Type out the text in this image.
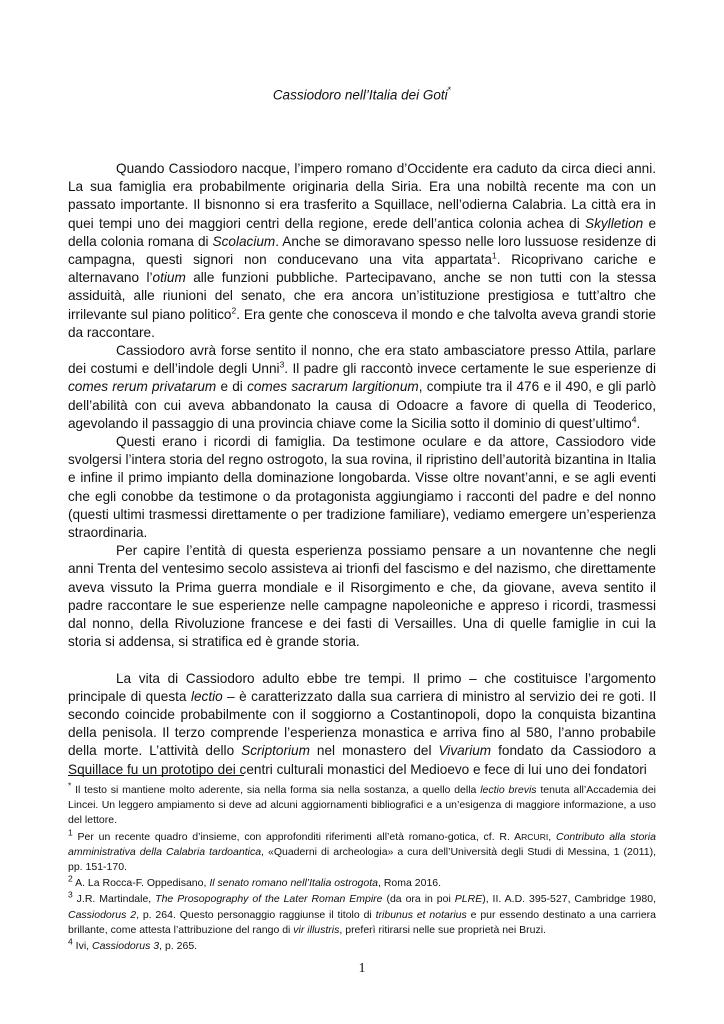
Cassiodoro nell’Italia dei Goti*

Quando Cassiodoro nacque, l’impero romano d’Occidente era caduto da circa dieci anni. La sua famiglia era probabilmente originaria della Siria. Era una nobiltà recente ma con un passato importante. Il bisnonno si era trasferito a Squillace, nell’odierna Calabria. La città era in quei tempi uno dei maggiori centri della regione, erede dell’antica colonia achea di Skylletion e della colonia romana di Scolacium. Anche se dimoravano spesso nelle loro lussuose residenze di campagna, questi signori non conducevano una vita appartata$^1$. Ricoprivano cariche e alternavano l’otium alle funzioni pubbliche. Partecipavano, anche se non tutti con la stessa assiduità, alle riunioni del senato, che era ancora un’istituzione prestigiosa e tutt’altro che irrilevante sul piano politico$^2$. Era gente che conosceva il mondo e che talvolta aveva grandi storie da raccontare.

Cassiodoro avrà forse sentito il nonno, che era stato ambasciatore presso Attila, parlare dei costumi e dell’indole degli Unni$^3$. Il padre gli raccontò invece certamente le sue esperienze di comes rerum privatarum e di comes sacrarum largitionum, compiute tra il 476 e il 490, e gli parlò dell’abilità con cui aveva abbandonato la causa di Odoacre a favore di quella di Teoderico, agevolando il passaggio di una provincia chiave come la Sicilia sotto il dominio di quest’ultimo$^4$.

Questi erano i ricordi di famiglia. Da testimone oculare e da attore, Cassiodoro vide svolgersi l’intera storia del regno ostrogoto, la sua rovina, il ripristino dell’autorità bizantina in Italia e infine il primo impianto della dominazione longobarda. Visse oltre novant’anni, e se agli eventi che egli conobbe da testimone o da protagonista aggiungiamo i racconti del padre e del nonno (questi ultimi trasmessi direttamente o per tradizione familiare), vediamo emergere un’esperienza straordinaria.

Per capire l’entità di questa esperienza possiamo pensare a un novantenne che negli anni Trenta del ventesimo secolo assisteva ai trionfi del fascismo e del nazismo, che direttamente aveva vissuto la Prima guerra mondiale e il Risorgimento e che, da giovane, aveva sentito il padre raccontare le sue esperienze nelle campagne napoleoniche e appreso i ricordi, trasmessi dal nonno, della Rivoluzione francese e dei fasti di Versailles. Una di quelle famiglie in cui la storia si addensa, si stratifica ed è grande storia.

La vita di Cassiodoro adulto ebbe tre tempi. Il primo – che costituisce l’argomento principale di questa lectio – è caratterizzato dalla sua carriera di ministro al servizio dei re goti. Il secondo coincide probabilmente con il soggiorno a Costantinopoli, dopo la conquista bizantina della penisola. Il terzo comprende l’esperienza monastica e arriva fino al 580, l’anno probabile della morte. L’attività dello Scriptorium nel monastero del Vivarium fondato da Cassiodoro a Squillace fu un prototipo dei centri culturali monastici del Medioevo e fece di lui uno dei fondatori

* Il testo si mantiene molto aderente, sia nella forma sia nella sostanza, a quello della lectio brevis tenuta all’Accademia dei Lincei. Un leggero ampiamento si deve ad alcuni aggiornamenti bibliografici e a un’esigenza di maggiore informazione, a uso del lettore.

$^1$ Per un recente quadro d’insieme, con approfonditi riferimenti all’età romano-gotica, cf. R. ARCURI, Contributo alla storia amministrativa della Calabria tardoantica, «Quaderni di archeologia» a cura dell’Università degli Studi di Messina, 1 (2011), pp. 151-170.

$^2$ A. La Rocca-F. Oppedisano, Il senato romano nell’Italia ostrogota, Roma 2016.

$^3$ J.R. Martindale, The Prosopography of the Later Roman Empire (da ora in poi PLRE), II. A.D. 395-527, Cambridge 1980, Cassiodorus 2, p. 264. Questo personaggio raggiunse il titolo di tribunus et notarius e pur essendo destinato a una carriera brillante, come attesta l’attribuzione del rango di vir illustris, preferì ritirarsi nelle sue proprietà nei Bruzi.

$^4$ Ivi, Cassiodorus 3, p. 265.

1
